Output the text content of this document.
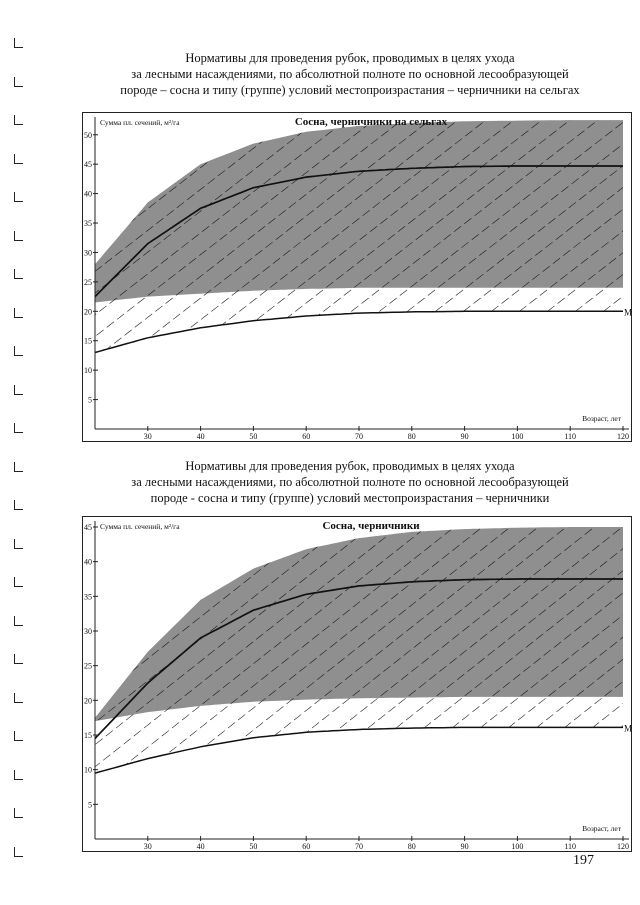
Нормативы для проведения рубок, проводимых в целях ухода
за лесными насаждениями, по абсолютной полноте по основной лесообразующей
породе – сосна и типу (группе) условий местопроизрастания – черничники на сельгах
M
5
10
15
20
25
30
35
40
45
50
30	40	50	60	70	80	90	100	110	120
Сумма пл. сечений, м²/га	Сосна, черничники на сельгах
Возраст, лет
Нормативы для проведения рубок, проводимых в целях ухода
за лесными насаждениями, по абсолютной полноте по основной лесообразующей
породе - сосна и типу (группе) условий местопроизрастания – черничники
M
5
10
15
20
25
30
35
40
45
30	40	50	60	70	80	90	100	110	120
Сумма пл. сечений, м²/га	Сосна, черничники
Возраст, лет
197
